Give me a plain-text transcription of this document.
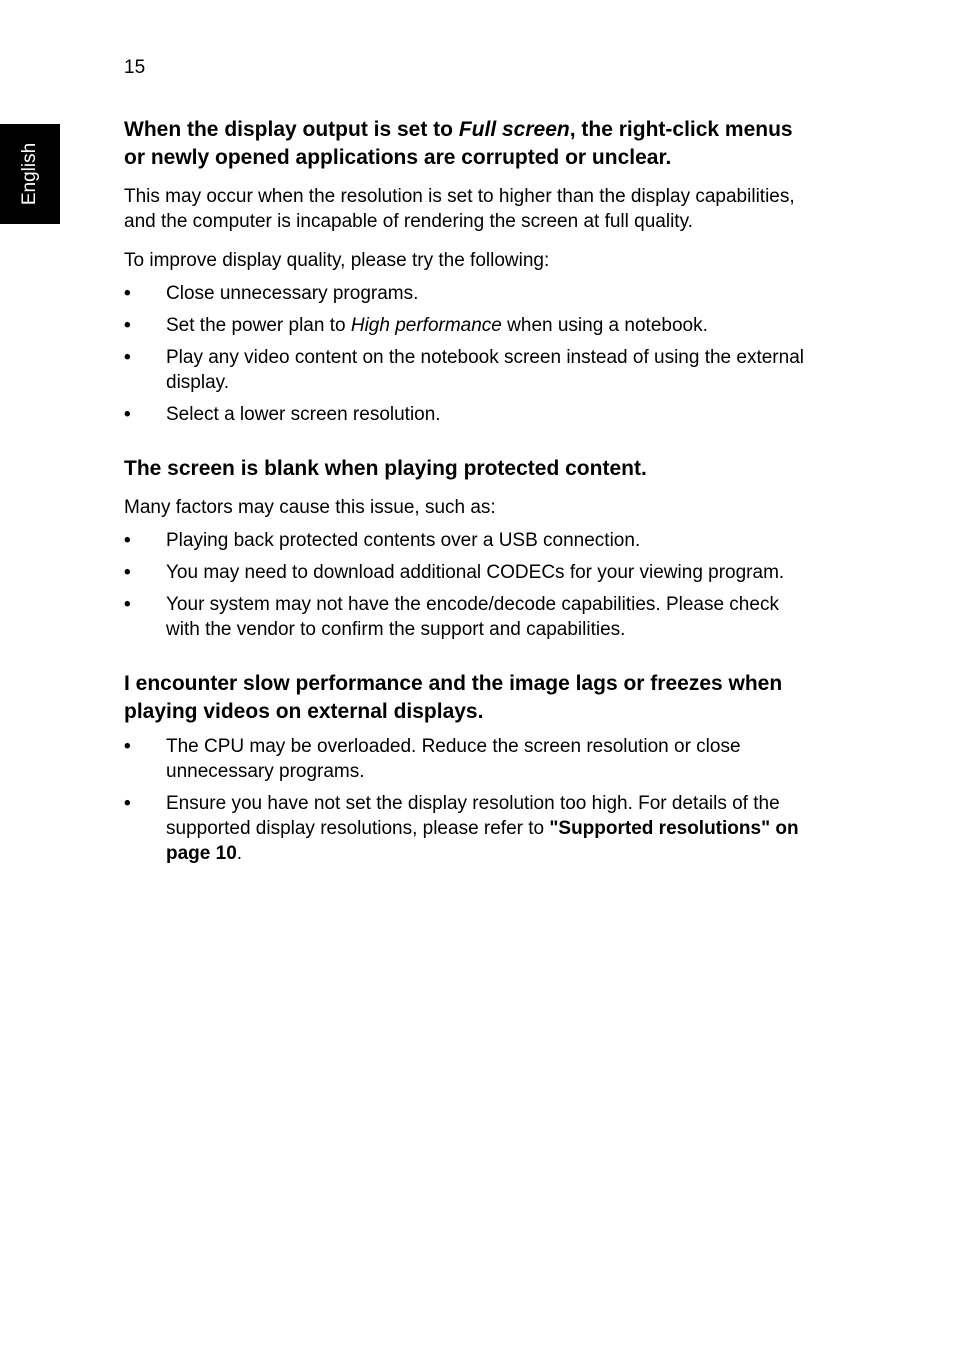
15
English
When the display output is set to Full screen, the right-click menus or newly opened applications are corrupted or unclear.

This may occur when the resolution is set to higher than the display capabilities, and the computer is incapable of rendering the screen at full quality.

To improve display quality, please try the following:

• Close unnecessary programs.
• Set the power plan to High performance when using a notebook.
• Play any video content on the notebook screen instead of using the external display.
• Select a lower screen resolution.
The screen is blank when playing protected content.

Many factors may cause this issue, such as:

• Playing back protected contents over a USB connection.
• You may need to download additional CODECs for your viewing program.
• Your system may not have the encode/decode capabilities. Please check with the vendor to confirm the support and capabilities.
I encounter slow performance and the image lags or freezes when playing videos on external displays.
• The CPU may be overloaded. Reduce the screen resolution or close unnecessary programs.
• Ensure you have not set the display resolution too high. For details of the supported display resolutions, please refer to "Supported resolutions" on page 10.
